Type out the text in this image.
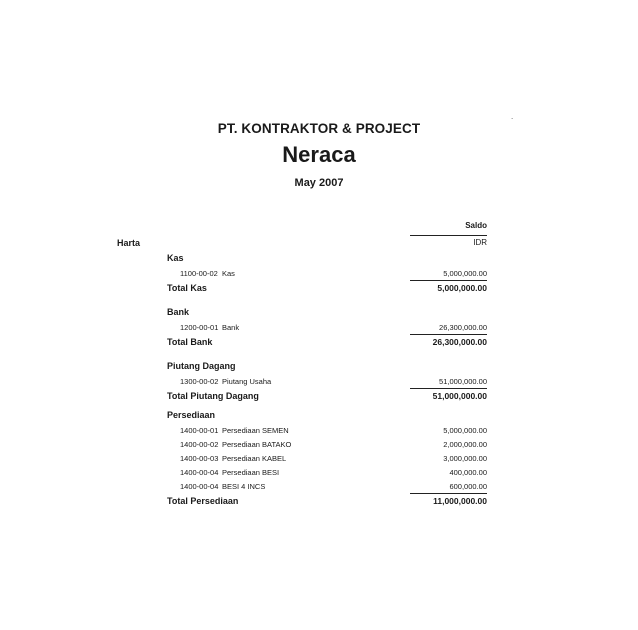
.
PT. KONTRAKTOR & PROJECT
Neraca
May 2007
Saldo
IDR
Harta
Kas
1100-00-02 Kas	5,000,000.00
Total Kas	5,000,000.00
Bank
1200-00-01 Bank	26,300,000.00
Total Bank	26,300,000.00
Piutang Dagang
1300-00-02 Piutang Usaha	51,000,000.00
Total Piutang Dagang	51,000,000.00
Persediaan
1400-00-01 Persediaan SEMEN	5,000,000.00
1400-00-02 Persediaan BATAKO	2,000,000.00
1400-00-03 Persediaan KABEL	3,000,000.00
1400-00-04 Persediaan BESI	400,000.00
1400-00-04 BESI 4 INCS	600,000.00
Total Persediaan	11,000,000.00
